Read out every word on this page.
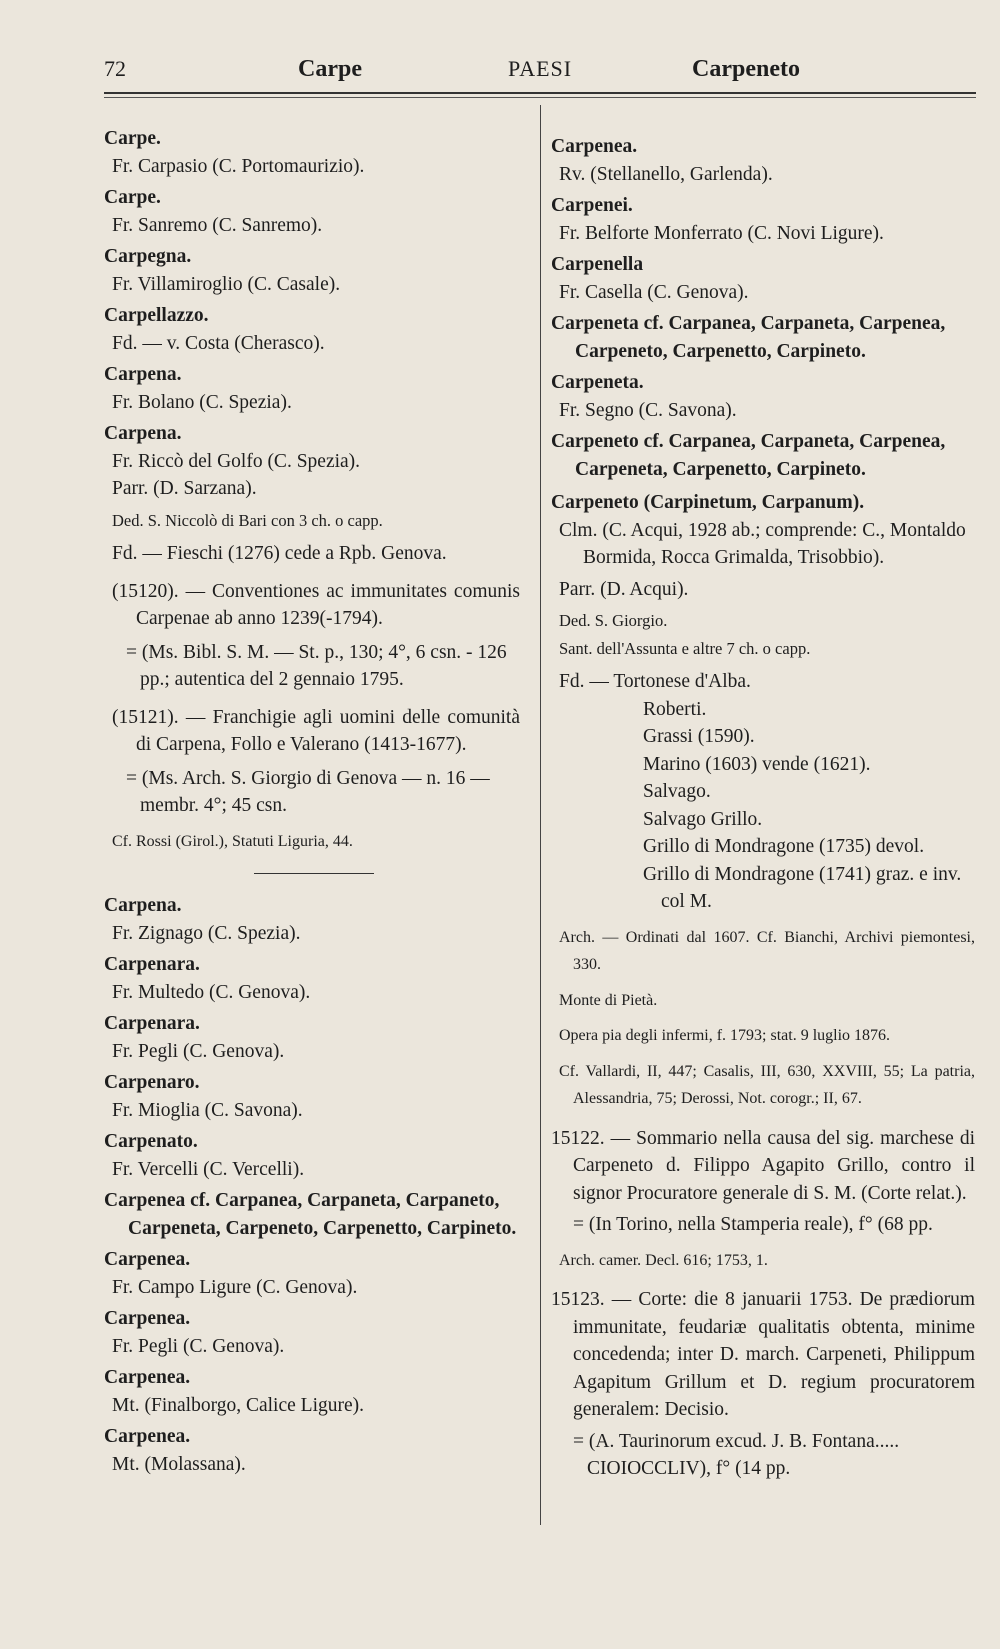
72	Carpe	PAESI	Carpeneto

Carpe.

Fr. Carpasio (C. Portomaurizio).

Carpe.

Fr. Sanremo (C. Sanremo).

Carpegna.

Fr. Villamiroglio (C. Casale).

Carpellazzo.

Fd. — v. Costa (Cherasco).

Carpena.

Fr. Bolano (C. Spezia).

Carpena.

Fr. Riccò del Golfo (C. Spezia).

Parr. (D. Sarzana).

Ded. S. Niccolò di Bari con 3 ch. o capp.

Fd. — Fieschi (1276) cede a Rpb. Genova.

(15120). — Conventiones ac immunitates comunis Carpenae ab anno 1239(-1794).

= (Ms. Bibl. S. M. — St. p., 130; 4°, 6 csn. - 126 pp.; autentica del 2 gennaio 1795.

(15121). — Franchigie agli uomini delle comunità di Carpena, Follo e Valerano (1413-1677).

= (Ms. Arch. S. Giorgio di Genova — n. 16 — membr. 4°; 45 csn.

Cf. Rossi (Girol.), Statuti Liguria, 44.

Carpena.

Fr. Zignago (C. Spezia).

Carpenara.

Fr. Multedo (C. Genova).

Carpenara.

Fr. Pegli (C. Genova).

Carpenaro.

Fr. Mioglia (C. Savona).

Carpenato.

Fr. Vercelli (C. Vercelli).

Carpenea cf. Carpanea, Carpaneta, Carpaneto, Carpeneta, Carpeneto, Carpenetto, Carpineto.

Carpenea.

Fr. Campo Ligure (C. Genova).

Carpenea.

Fr. Pegli (C. Genova).

Carpenea.

Mt. (Finalborgo, Calice Ligure).

Carpenea.

Mt. (Molassana).

Carpenea.

Rv. (Stellanello, Garlenda).

Carpenei.

Fr. Belforte Monferrato (C. Novi Ligure).

Carpenella

Fr. Casella (C. Genova).

Carpeneta cf. Carpanea, Carpaneta, Carpenea, Carpeneto, Carpenetto, Carpineto.

Carpeneta.

Fr. Segno (C. Savona).

Carpeneto cf. Carpanea, Carpaneta, Carpenea, Carpeneta, Carpenetto, Carpineto.

Carpeneto (Carpinetum, Carpanum).

Clm. (C. Acqui, 1928 ab.; comprende: C., Montaldo Bormida, Rocca Grimalda, Trisobbio).

Parr. (D. Acqui).

Ded. S. Giorgio.

Sant. dell'Assunta e altre 7 ch. o capp.

Fd. — Tortonese d'Alba.

Roberti.

Grassi (1590).

Marino (1603) vende (1621).

Salvago.

Salvago Grillo.

Grillo di Mondragone (1735) devol.

Grillo di Mondragone (1741) graz. e inv. col M.

Arch. — Ordinati dal 1607. Cf. Bianchi, Archivi piemontesi, 330.

Monte di Pietà.

Opera pia degli infermi, f. 1793; stat. 9 luglio 1876.

Cf. Vallardi, II, 447; Casalis, III, 630, XXVIII, 55; La patria, Alessandria, 75; Derossi, Not. corogr.; II, 67.

15122. — Sommario nella causa del sig. marchese di Carpeneto d. Filippo Agapito Grillo, contro il signor Procuratore generale di S. M. (Corte relat.).

= (In Torino, nella Stamperia reale), f° (68 pp.

Arch. camer. Decl. 616; 1753, 1.

15123. — Corte: die 8 januarii 1753. De prædiorum immunitate, feudariæ qualitatis obtenta, minime concedenda; inter D. march. Carpeneti, Philippum Agapitum Grillum et D. regium procuratorem generalem: Decisio.

= (A. Taurinorum excud. J. B. Fontana..... CIOIOCCLIV), f° (14 pp.
